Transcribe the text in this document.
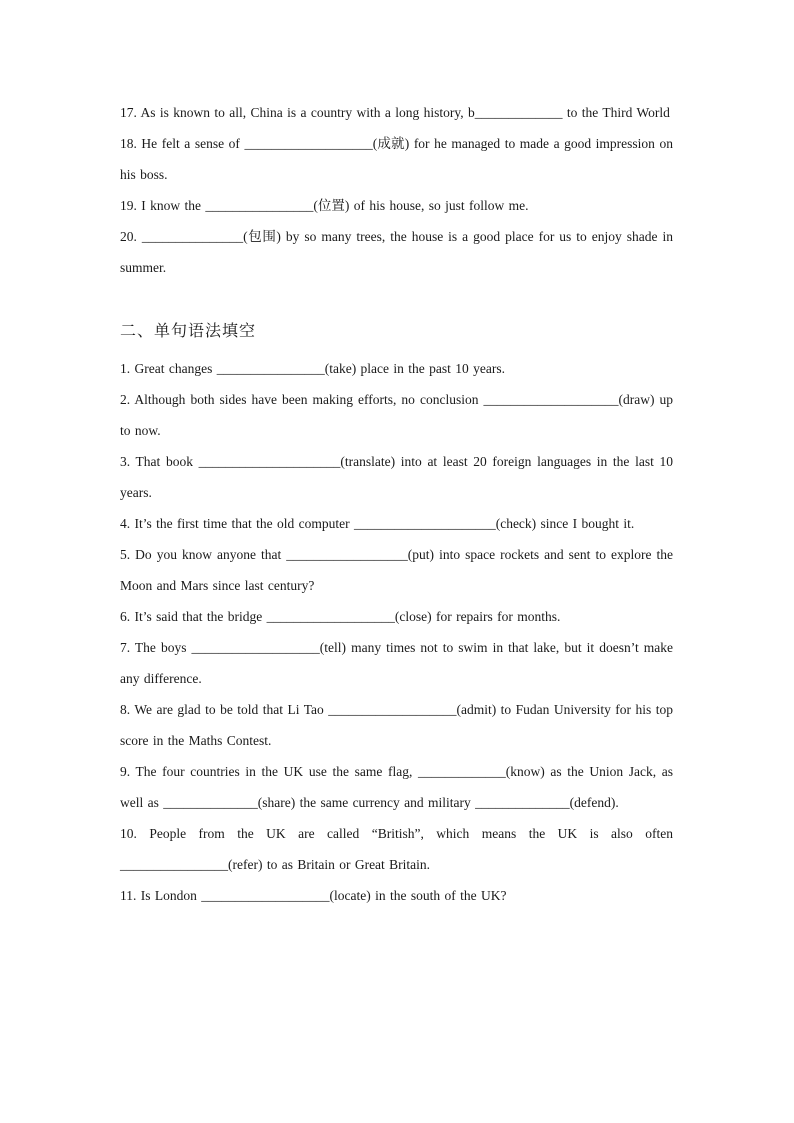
17. As is known to all, China is a country with a long history, b_____________ to the Third World

18. He felt a sense of ___________________(成就) for he managed to made a good impression on his boss.

19. I know the ________________(位置) of his house, so just follow me.

20. _______________(包围) by so many trees, the house is a good place for us to enjoy shade in summer.

二、单句语法填空

1. Great changes ________________(take) place in the past 10 years.

2. Although both sides have been making efforts, no conclusion ____________________(draw) up to now.

3. That book _____________________(translate) into at least 20 foreign languages in the last 10 years.

4. It’s the first time that the old computer _____________________(check) since I bought it.

5. Do you know anyone that __________________(put) into space rockets and sent to explore the Moon and Mars since last century?

6. It’s said that the bridge ___________________(close) for repairs for months.

7. The boys ___________________(tell) many times not to swim in that lake, but it doesn’t make any difference.

8. We are glad to be told that Li Tao ___________________(admit) to Fudan University for his top score in the Maths Contest.

9. The four countries in the UK use the same flag, _____________(know) as the Union Jack, as well as ______________(share) the same currency and military ______________(defend).

10. People from the UK are called “British”, which means the UK is also often ________________(refer) to as Britain or Great Britain.

11. Is London ___________________(locate) in the south of the UK?
